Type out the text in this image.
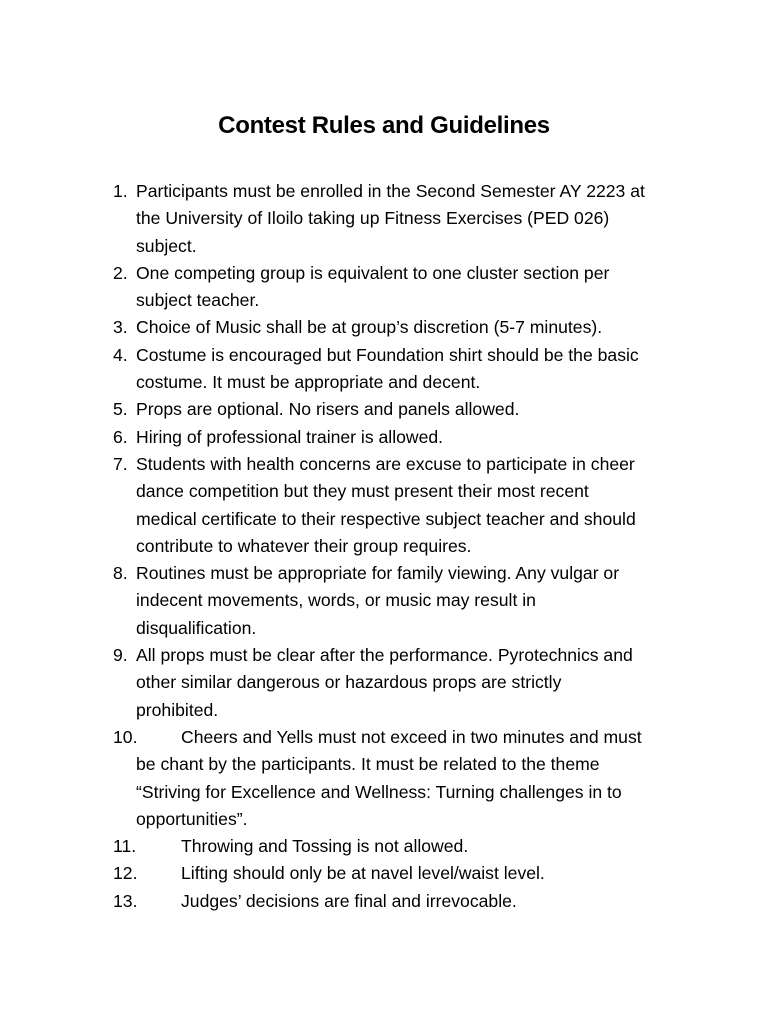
Contest Rules and Guidelines
1. Participants must be enrolled in the Second Semester AY 2223 at
the University of Iloilo taking up Fitness Exercises (PED 026)
subject.
2. One competing group is equivalent to one cluster section per
subject teacher.
3. Choice of Music shall be at group’s discretion (5-7 minutes).
4. Costume is encouraged but Foundation shirt should be the basic
costume. It must be appropriate and decent.
5. Props are optional. No risers and panels allowed.
6. Hiring of professional trainer is allowed.
7. Students with health concerns are excuse to participate in cheer
dance competition but they must present their most recent
medical certificate to their respective subject teacher and should
contribute to whatever their group requires.
8. Routines must be appropriate for family viewing. Any vulgar or
indecent movements, words, or music may result in
disqualification.
9. All props must be clear after the performance. Pyrotechnics and
other similar dangerous or hazardous props are strictly
prohibited.
10.	Cheers and Yells must not exceed in two minutes and must
be chant by the participants. It must be related to the theme
“Striving for Excellence and Wellness: Turning challenges in to
opportunities”.
11.	Throwing and Tossing is not allowed.
12.	Lifting should only be at navel level/waist level.
13.	Judges’ decisions are final and irrevocable.
